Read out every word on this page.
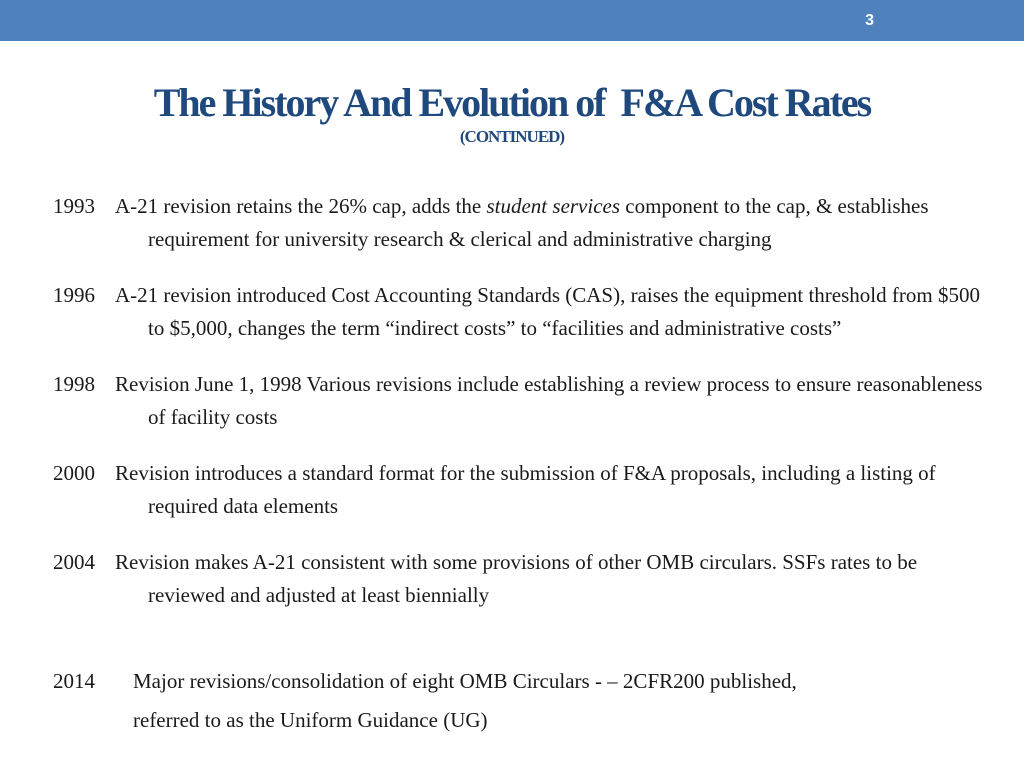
3
The History And Evolution of  F&A Cost Rates
(CONTINUED)
1993 A-21 revision retains the 26% cap, adds the student services component to the cap, & establishes requirement for university research & clerical and administrative charging
1996 A-21 revision introduced Cost Accounting Standards (CAS), raises the equipment threshold from $500 to $5,000, changes the term “indirect costs” to “facilities and administrative costs”
1998 Revision June 1, 1998 Various revisions include establishing a review process to ensure reasonableness of facility costs
2000 Revision introduces a standard format for the submission of F&A proposals, including a listing of required data elements
2004 Revision makes A-21 consistent with some provisions of other OMB circulars. SSFs rates to be reviewed and adjusted at least biennially
2014 Major revisions/consolidation of eight OMB Circulars - – 2CFR200 published,
referred to as the Uniform Guidance (UG)
